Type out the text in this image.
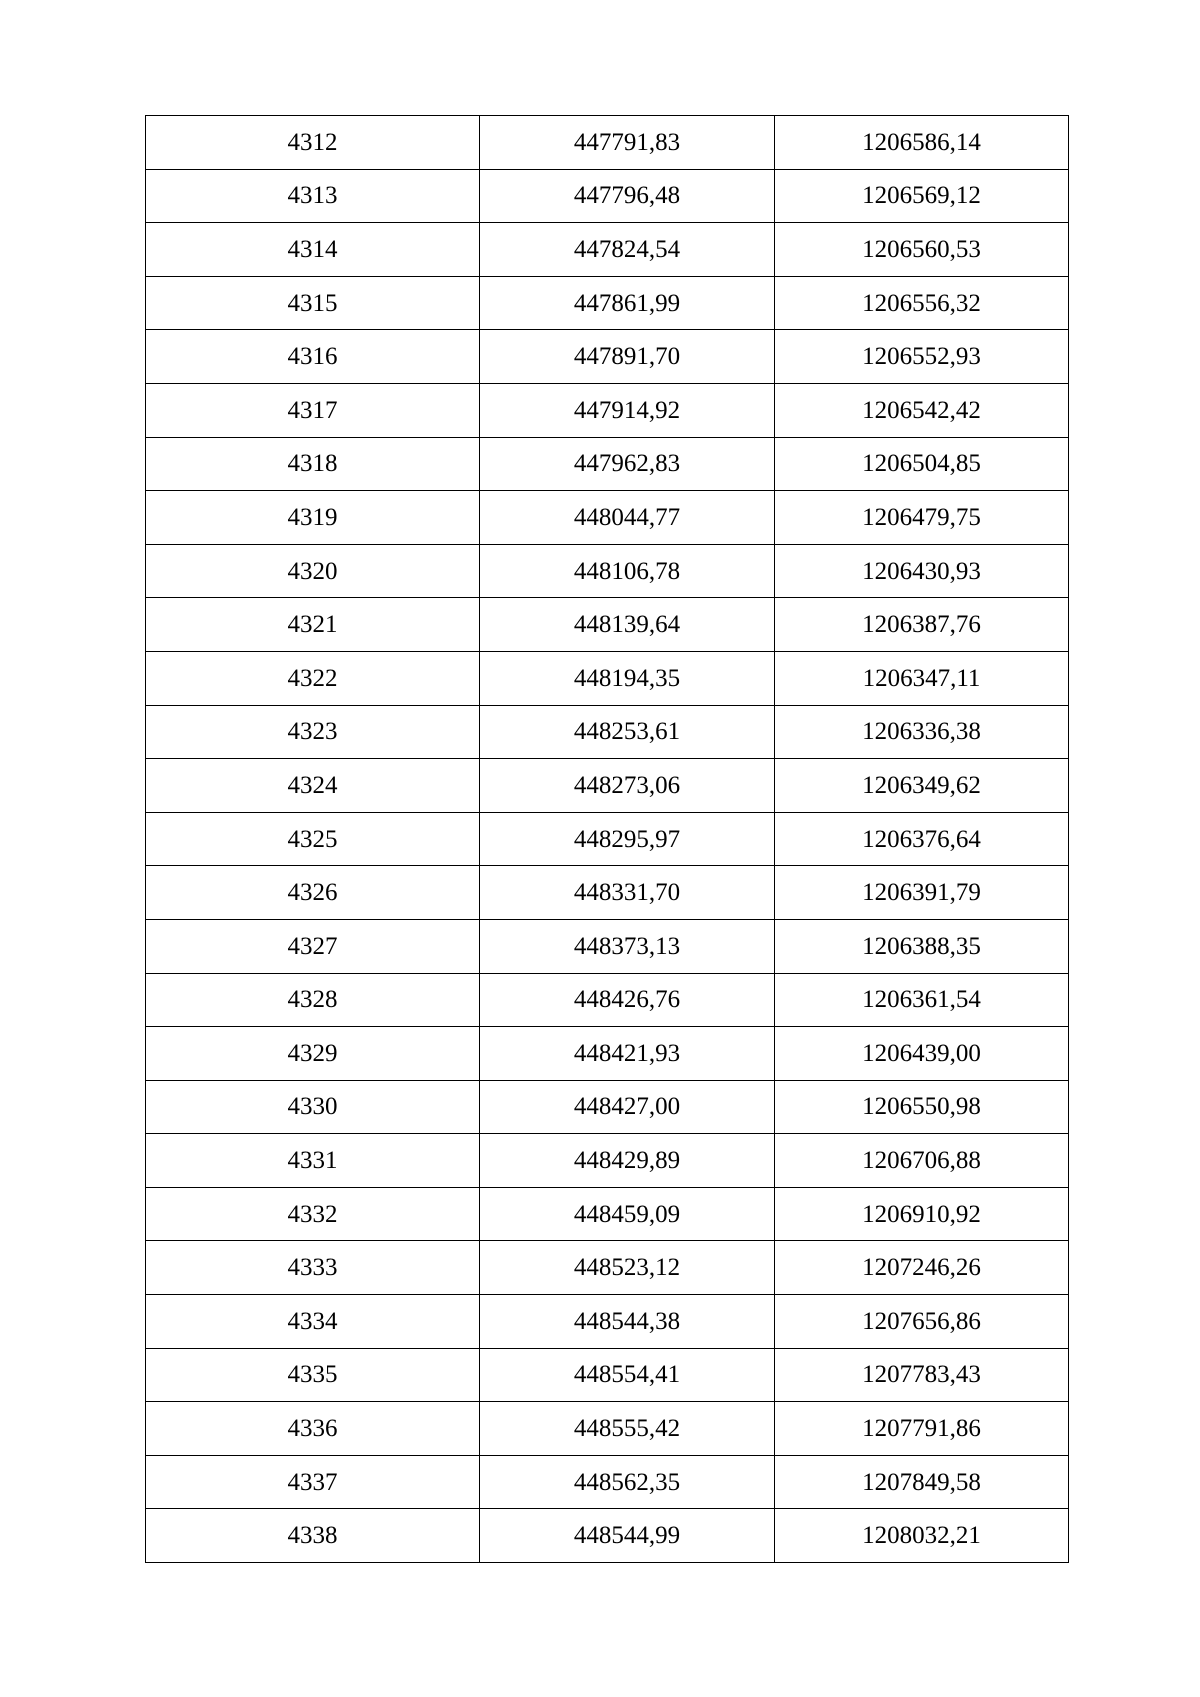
4312	447791,83	1206586,14
4313	447796,48	1206569,12
4314	447824,54	1206560,53
4315	447861,99	1206556,32
4316	447891,70	1206552,93
4317	447914,92	1206542,42
4318	447962,83	1206504,85
4319	448044,77	1206479,75
4320	448106,78	1206430,93
4321	448139,64	1206387,76
4322	448194,35	1206347,11
4323	448253,61	1206336,38
4324	448273,06	1206349,62
4325	448295,97	1206376,64
4326	448331,70	1206391,79
4327	448373,13	1206388,35
4328	448426,76	1206361,54
4329	448421,93	1206439,00
4330	448427,00	1206550,98
4331	448429,89	1206706,88
4332	448459,09	1206910,92
4333	448523,12	1207246,26
4334	448544,38	1207656,86
4335	448554,41	1207783,43
4336	448555,42	1207791,86
4337	448562,35	1207849,58
4338	448544,99	1208032,21
